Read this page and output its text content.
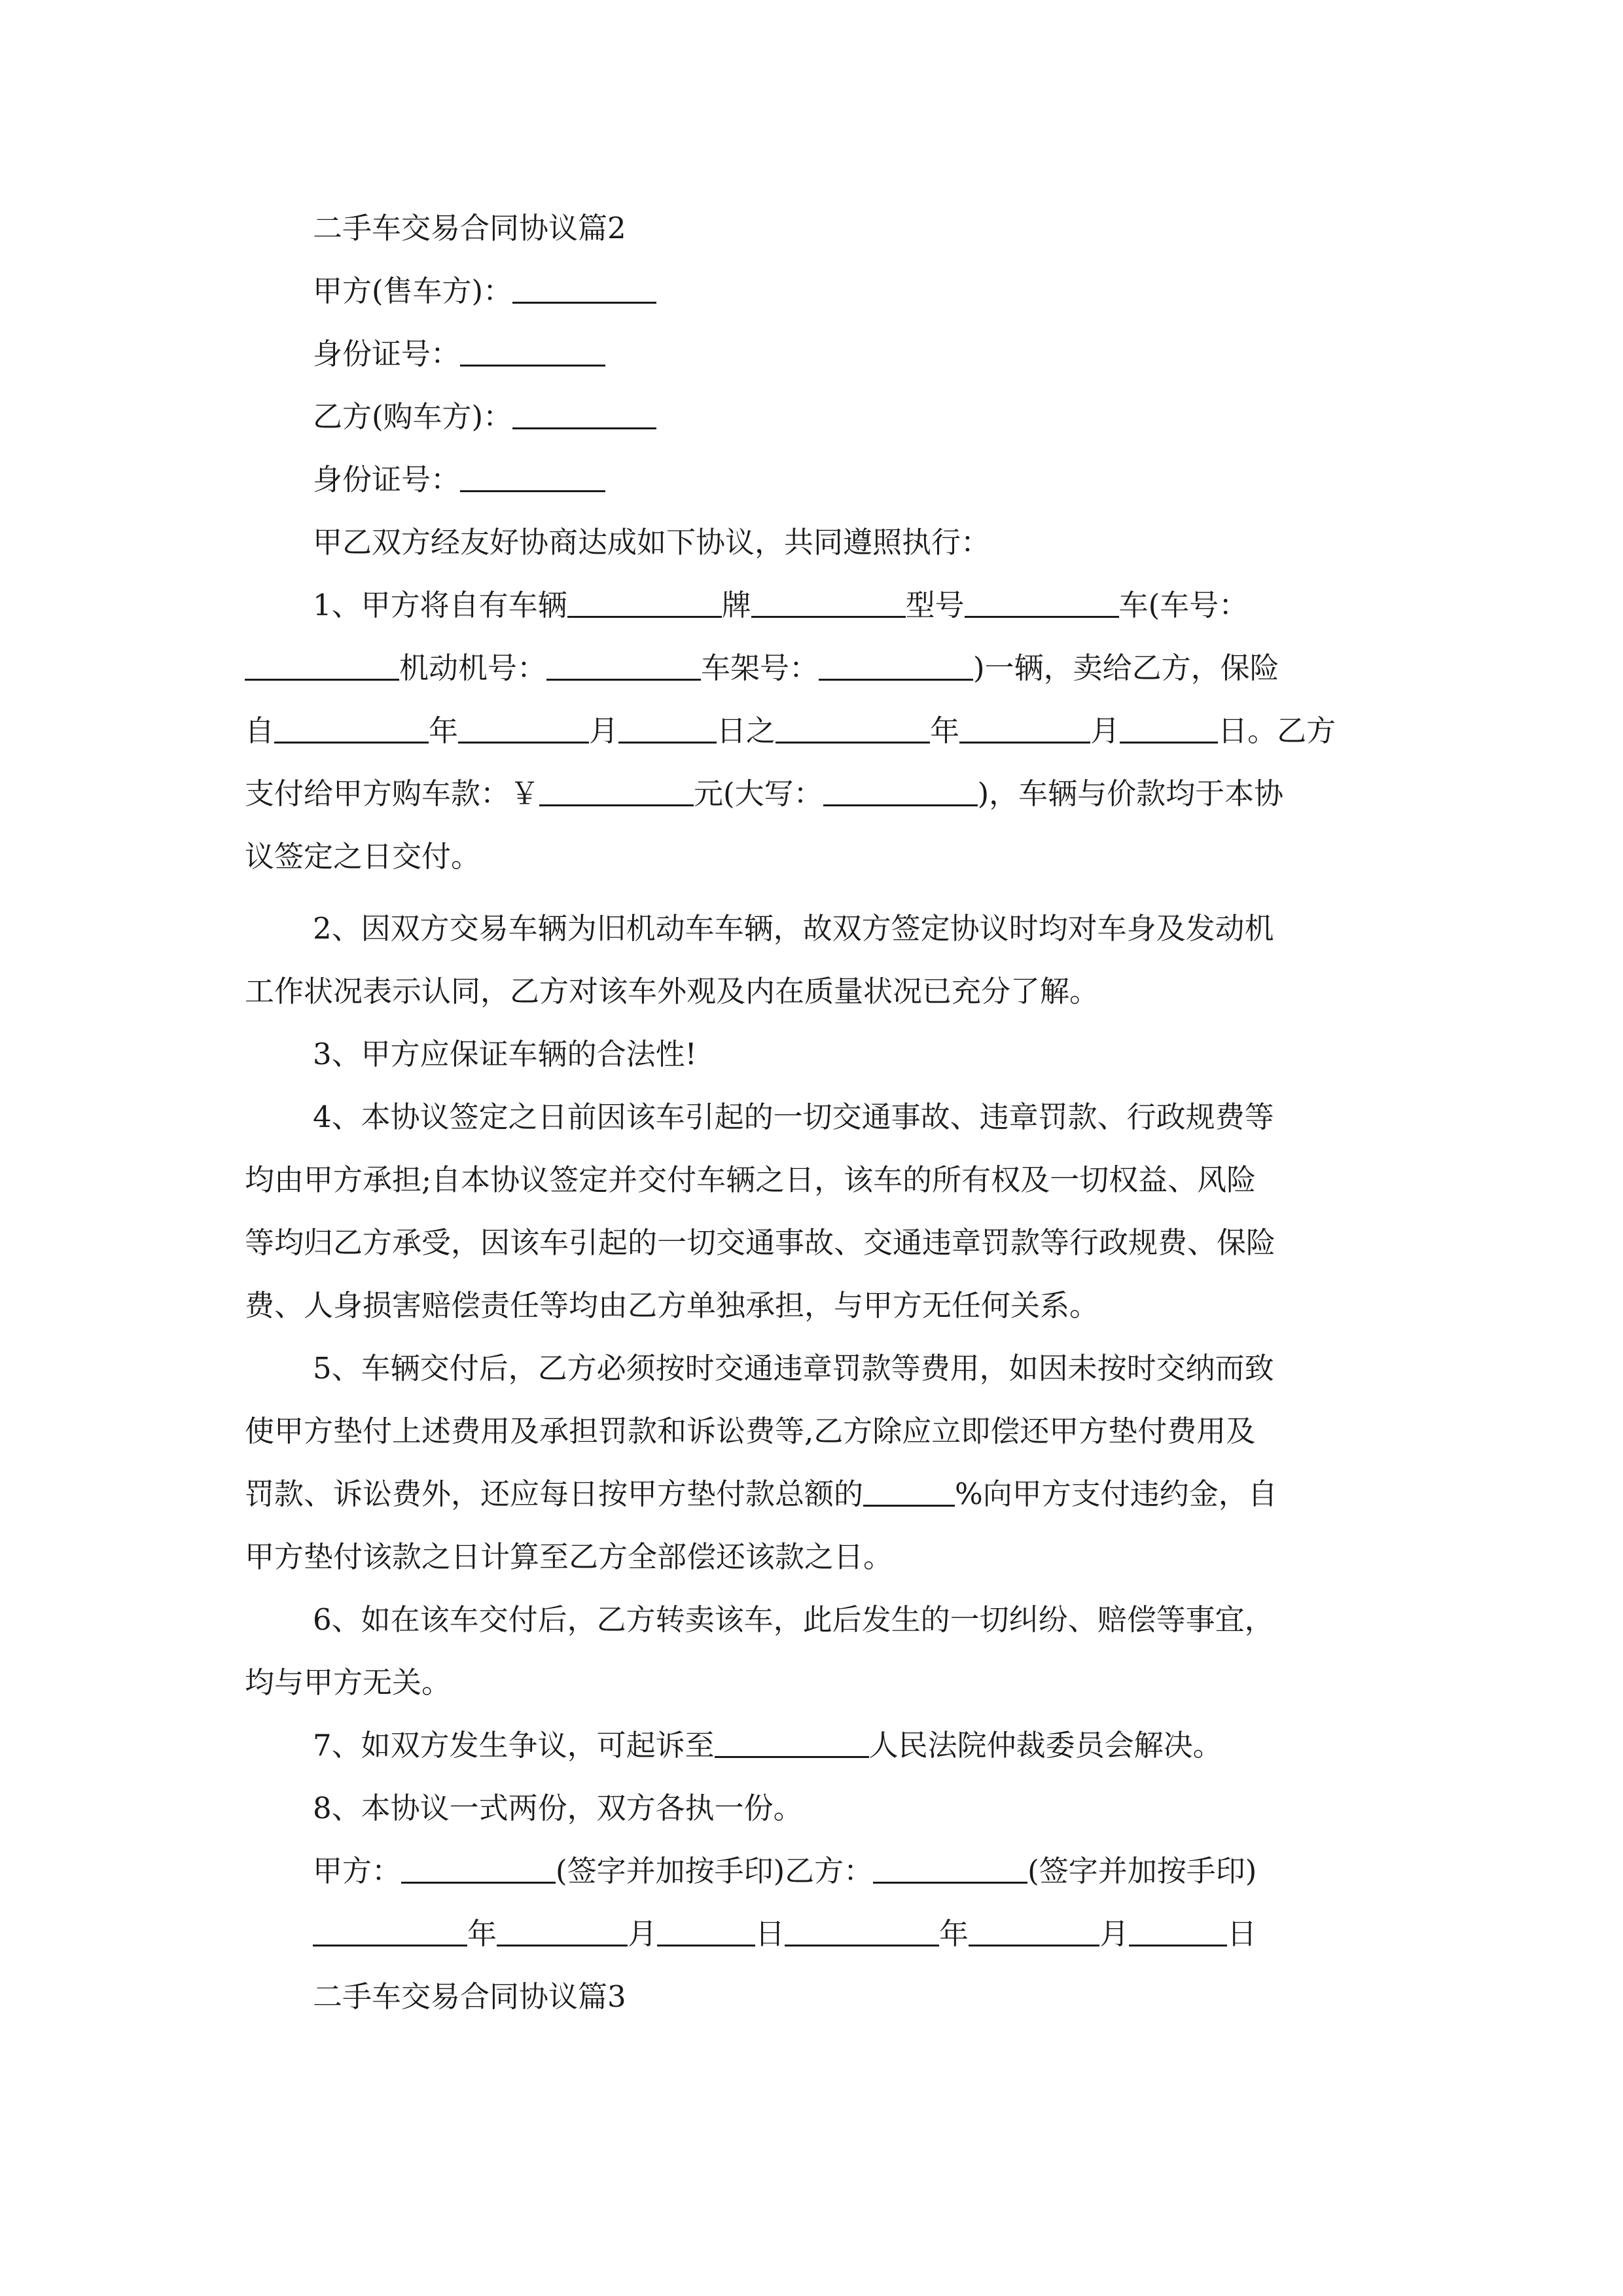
二手车交易合同协议篇2
甲方(售车方)：
身份证号：
乙方(购车方)：
身份证号：
甲乙双方经友好协商达成如下协议，共同遵照执行：
1、甲方将自有车辆	牌	型号	车(车号：
机动机号：	车架号：	)一辆，卖给乙方，保险
自	年	月	日之	年	月	日。乙方
支付给甲方购车款：￥	元(大写：	)，车辆与价款均于本协
议签定之日交付。
2、因双方交易车辆为旧机动车车辆，故双方签定协议时均对车身及发动机
工作状况表示认同，乙方对该车外观及内在质量状况已充分了解。
3、甲方应保证车辆的合法性!
4、本协议签定之日前因该车引起的一切交通事故、违章罚款、行政规费等
均由甲方承担;自本协议签定并交付车辆之日，该车的所有权及一切权益、风险
等均归乙方承受，因该车引起的一切交通事故、交通违章罚款等行政规费、保险
费、人身损害赔偿责任等均由乙方单独承担，与甲方无任何关系。
5、车辆交付后，乙方必须按时交通违章罚款等费用，如因未按时交纳而致
使甲方垫付上述费用及承担罚款和诉讼费等,乙方除应立即偿还甲方垫付费用及
罚款、诉讼费外，还应每日按甲方垫付款总额的	%向甲方支付违约金，自
甲方垫付该款之日计算至乙方全部偿还该款之日。
6、如在该车交付后，乙方转卖该车，此后发生的一切纠纷、赔偿等事宜，
均与甲方无关。
7、如双方发生争议，可起诉至	人民法院仲裁委员会解决。
8、本协议一式两份，双方各执一份。
甲方：	(签字并加按手印)乙方：	(签字并加按手印)
年	月	日	年	月	日
二手车交易合同协议篇3
